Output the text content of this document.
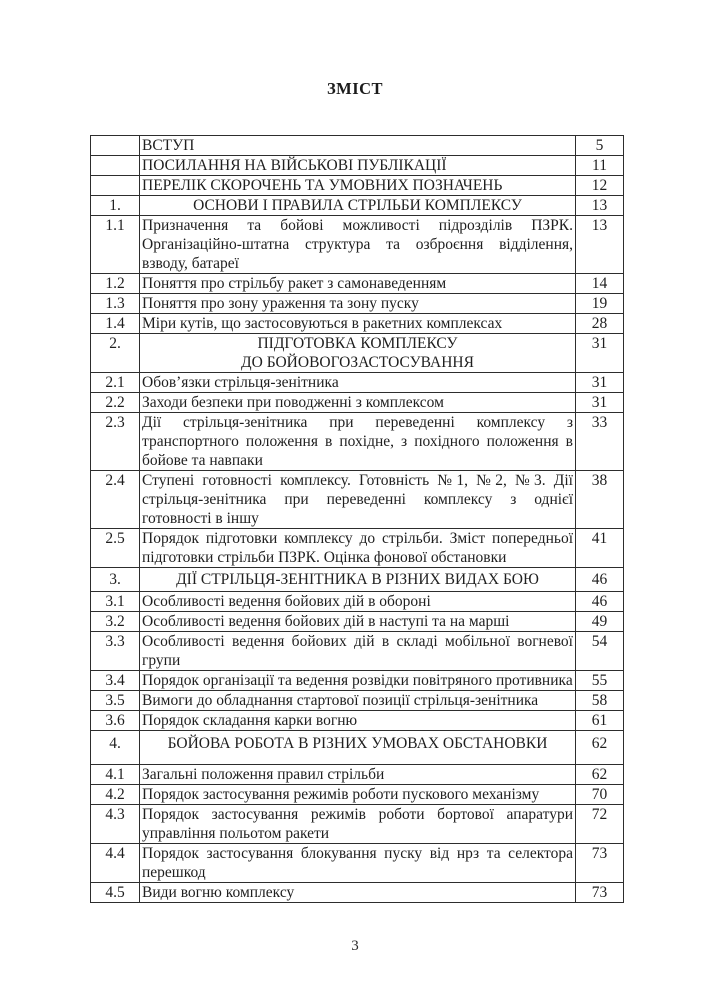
ЗМІСТ
	ВСТУП	5
	ПОСИЛАННЯ НА ВІЙСЬКОВІ ПУБЛІКАЦІЇ	11
	ПЕРЕЛІК СКОРОЧЕНЬ ТА УМОВНИХ ПОЗНАЧЕНЬ	12
1.	ОСНОВИ І ПРАВИЛА СТРІЛЬБИ КОМПЛЕКСУ	13
1.1	Призначення та бойові можливості підрозділів ПЗРК. Організаційно-штатна структура та озброєння відділення, взводу, батареї	13
1.2	Поняття про стрільбу ракет з самонаведенням	14
1.3	Поняття про зону ураження та зону пуску	19
1.4	Міри кутів, що застосовуються в ракетних комплексах	28
2.	ПІДГОТОВКА КОМПЛЕКСУ
ДО БОЙОВОГОЗАСТОСУВАННЯ	31
2.1	Обов’язки стрільця-зенітника	31
2.2	Заходи безпеки при поводженні з комплексом	31
2.3	Дії стрільця-зенітника при переведенні комплексу з транспортного положення в похідне, з похідного положення в бойове та навпаки	33
2.4	Ступені готовності комплексу. Готовність №1, №2, №3. Дії стрільця-зенітника при переведенні комплексу з однієї готовності в іншу	38
2.5	Порядок підготовки комплексу до стрільби. Зміст попередньої підготовки стрільби ПЗРК. Оцінка фонової обстановки	41
3.	ДІЇ СТРІЛЬЦЯ-ЗЕНІТНИКА В РІЗНИХ ВИДАХ БОЮ	46
3.1	Особливості ведення бойових дій в обороні	46
3.2	Особливості ведення бойових дій в наступі та на марші	49
3.3	Особливості ведення бойових дій в складі мобільної вогневої групи	54
3.4	Порядок організації та ведення розвідки повітряного противника	55
3.5	Вимоги до обладнання стартової позиції стрільця-зенітника	58
3.6	Порядок складання карки вогню	61
4.	БОЙОВА РОБОТА В РІЗНИХ УМОВАХ ОБСТАНОВКИ	62
4.1	Загальні положення правил стрільби	62
4.2	Порядок застосування режимів роботи пускового механізму	70
4.3	Порядок застосування режимів роботи бортової апаратури управління польотом ракети	72
4.4	Порядок застосування блокування пуску від нрз та селектора перешкод	73
4.5	Види вогню комплексу	73
3
